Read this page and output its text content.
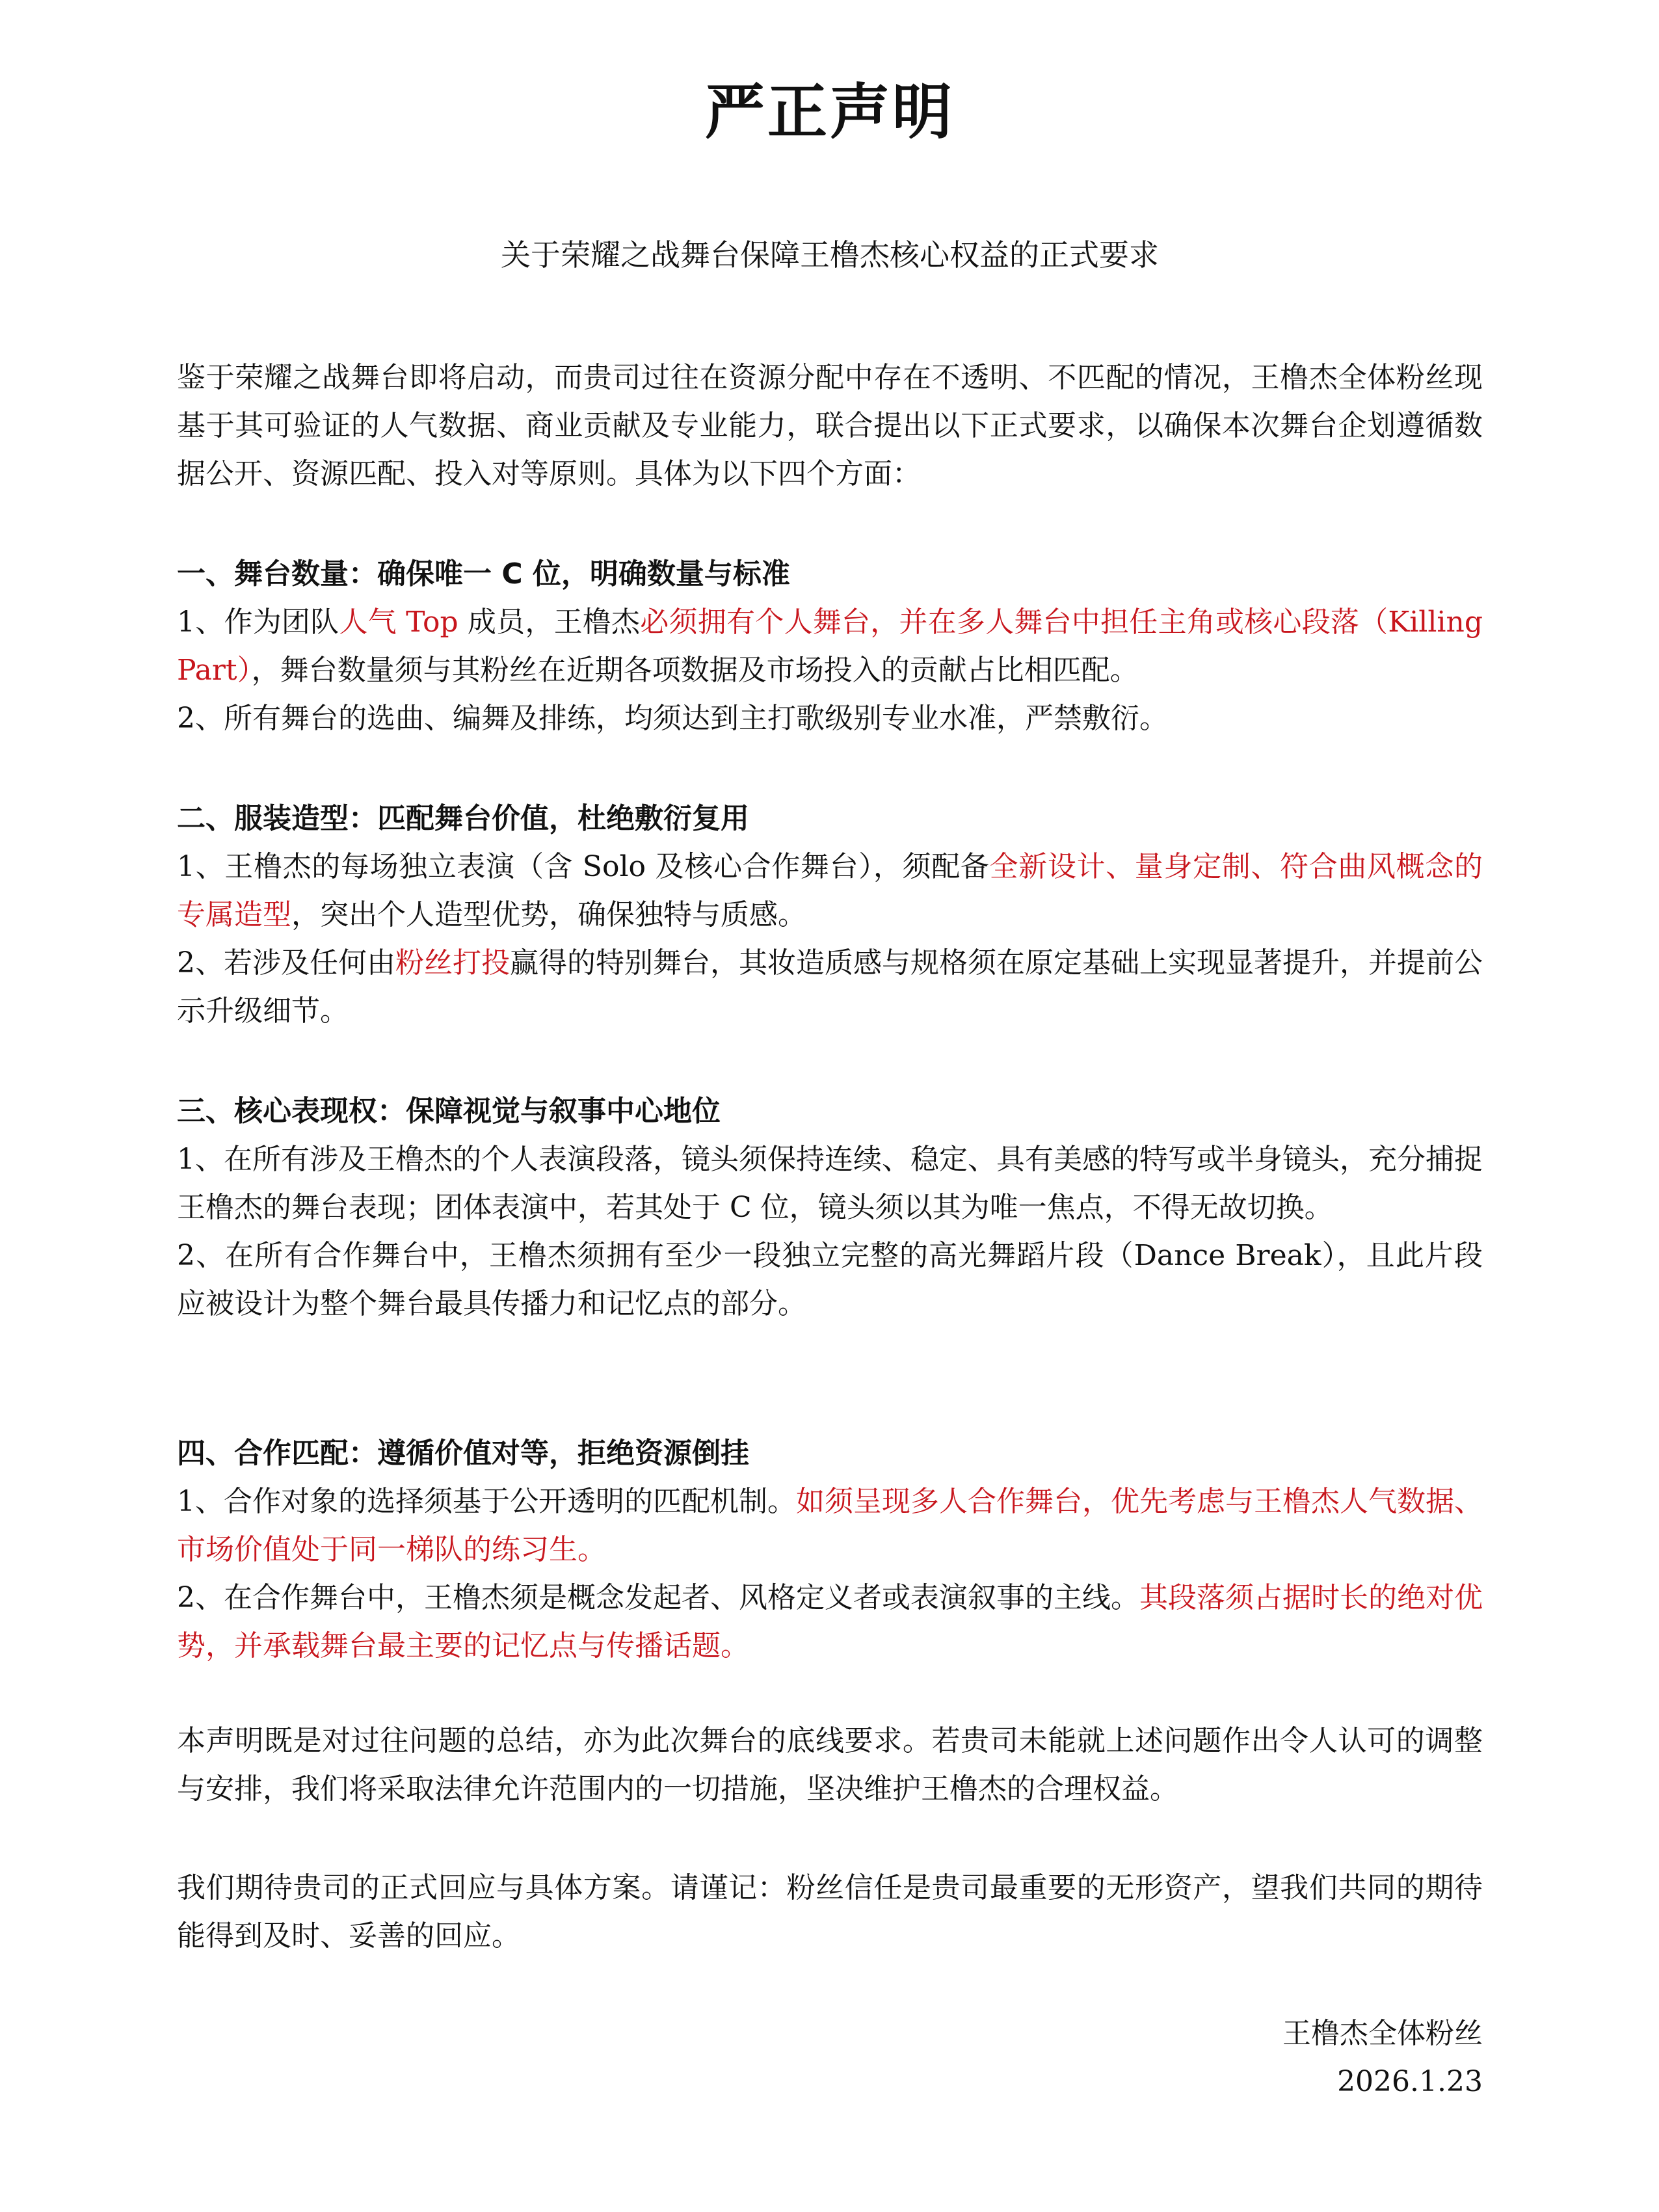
严正声明
关于荣耀之战舞台保障王橹杰核心权益的正式要求

鉴于荣耀之战舞台即将启动，而贵司过往在资源分配中存在不透明、不匹配的情况，王橹杰全体粉丝现基于其可验证的人气数据、商业贡献及专业能力，联合提出以下正式要求，以确保本次舞台企划遵循数据公开、资源匹配、投入对等原则。具体为以下四个方面：

一、舞台数量：确保唯一 C 位，明确数量与标准

1、作为团队人气 Top 成员，王橹杰必须拥有个人舞台，并在多人舞台中担任主角或核心段落（Killing Part），舞台数量须与其粉丝在近期各项数据及市场投入的贡献占比相匹配。

2、所有舞台的选曲、编舞及排练，均须达到主打歌级别专业水准，严禁敷衍。

二、服装造型：匹配舞台价值，杜绝敷衍复用

1、王橹杰的每场独立表演（含 Solo 及核心合作舞台），须配备全新设计、量身定制、符合曲风概念的专属造型，突出个人造型优势，确保独特与质感。

2、若涉及任何由粉丝打投赢得的特别舞台，其妆造质感与规格须在原定基础上实现显著提升，并提前公示升级细节。

三、核心表现权：保障视觉与叙事中心地位

1、在所有涉及王橹杰的个人表演段落，镜头须保持连续、稳定、具有美感的特写或半身镜头，充分捕捉王橹杰的舞台表现；团体表演中，若其处于 C 位，镜头须以其为唯一焦点，不得无故切换。

2、在所有合作舞台中，王橹杰须拥有至少一段独立完整的高光舞蹈片段（Dance Break），且此片段应被设计为整个舞台最具传播力和记忆点的部分。

四、合作匹配：遵循价值对等，拒绝资源倒挂

1、合作对象的选择须基于公开透明的匹配机制。如须呈现多人合作舞台，优先考虑与王橹杰人气数据、市场价值处于同一梯队的练习生。

2、在合作舞台中，王橹杰须是概念发起者、风格定义者或表演叙事的主线。其段落须占据时长的绝对优势，并承载舞台最主要的记忆点与传播话题。

本声明既是对过往问题的总结，亦为此次舞台的底线要求。若贵司未能就上述问题作出令人认可的调整与安排，我们将采取法律允许范围内的一切措施，坚决维护王橹杰的合理权益。

我们期待贵司的正式回应与具体方案。请谨记：粉丝信任是贵司最重要的无形资产，望我们共同的期待能得到及时、妥善的回应。

王橹杰全体粉丝
2026.1.23
